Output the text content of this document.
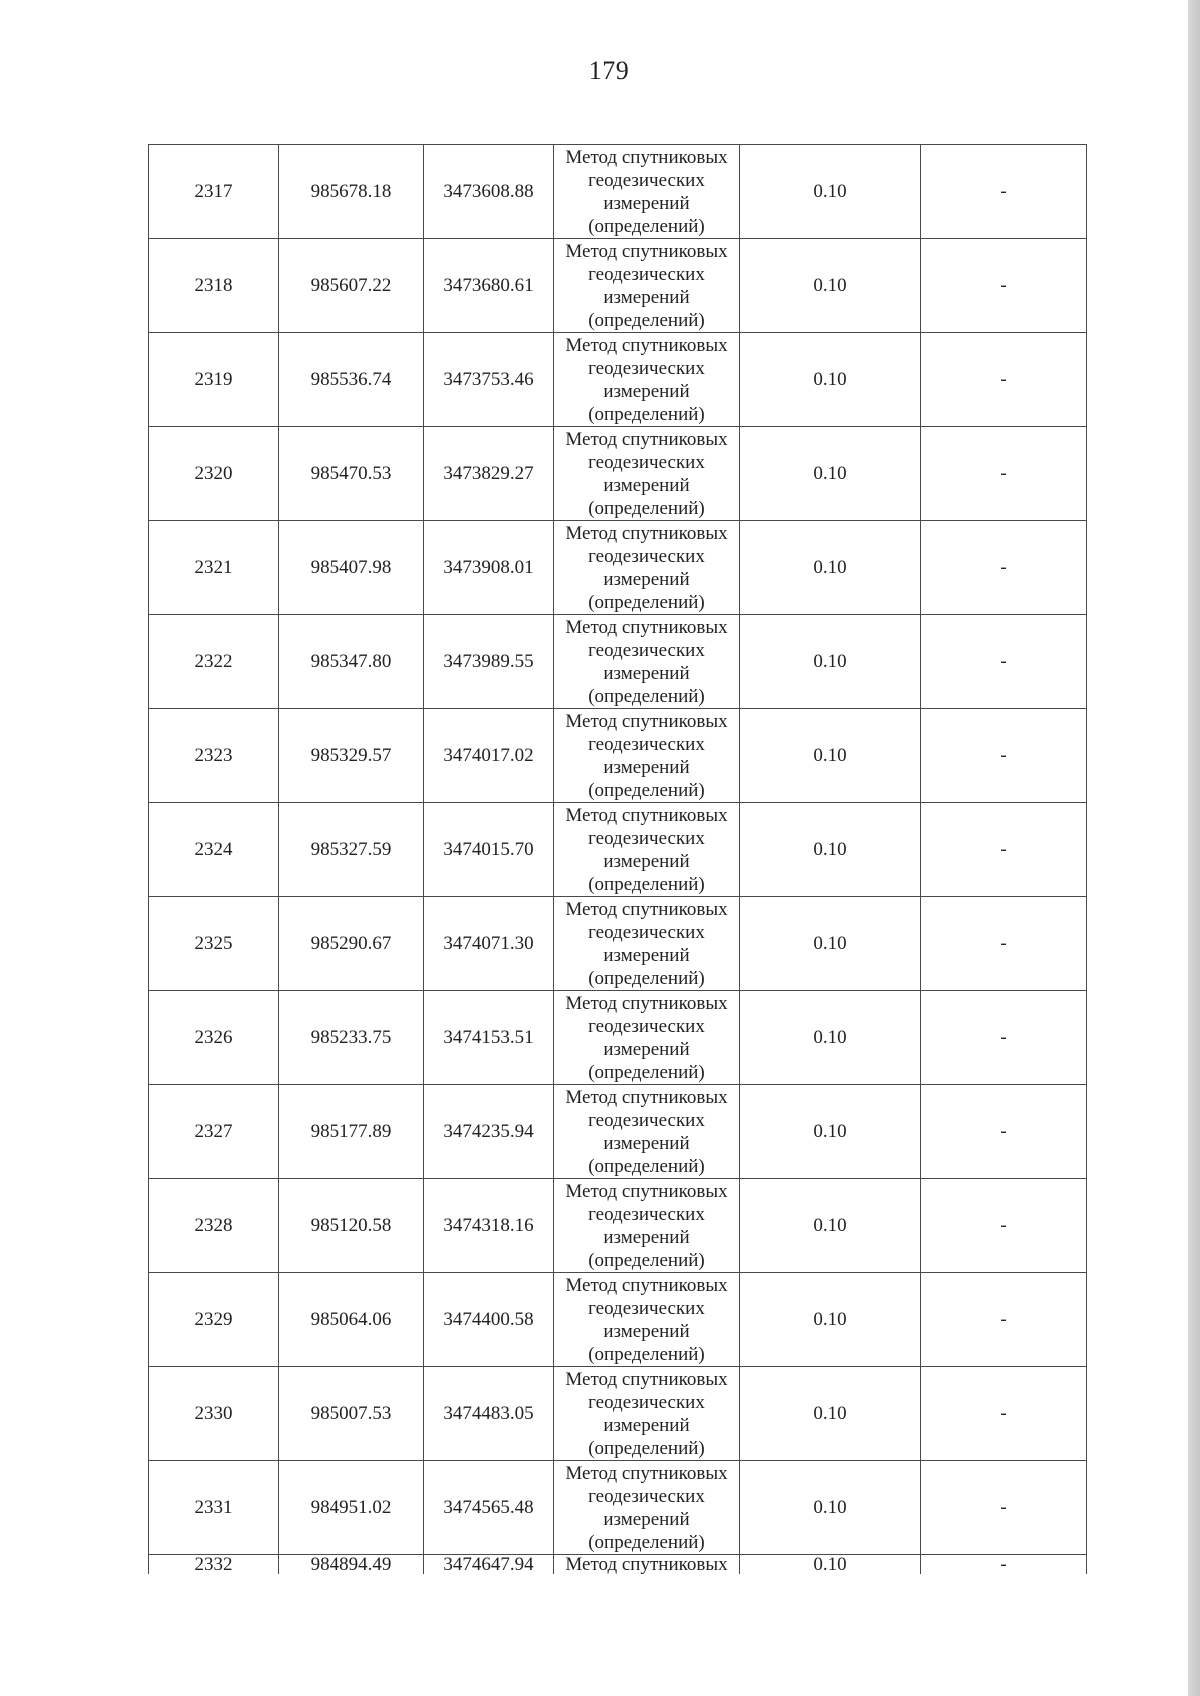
179
2317	985678.18	3473608.88	Метод спутниковых
геодезических
измерений
(определений)	0.10	-
2318	985607.22	3473680.61	Метод спутниковых
геодезических
измерений
(определений)	0.10	-
2319	985536.74	3473753.46	Метод спутниковых
геодезических
измерений
(определений)	0.10	-
2320	985470.53	3473829.27	Метод спутниковых
геодезических
измерений
(определений)	0.10	-
2321	985407.98	3473908.01	Метод спутниковых
геодезических
измерений
(определений)	0.10	-
2322	985347.80	3473989.55	Метод спутниковых
геодезических
измерений
(определений)	0.10	-
2323	985329.57	3474017.02	Метод спутниковых
геодезических
измерений
(определений)	0.10	-
2324	985327.59	3474015.70	Метод спутниковых
геодезических
измерений
(определений)	0.10	-
2325	985290.67	3474071.30	Метод спутниковых
геодезических
измерений
(определений)	0.10	-
2326	985233.75	3474153.51	Метод спутниковых
геодезических
измерений
(определений)	0.10	-
2327	985177.89	3474235.94	Метод спутниковых
геодезических
измерений
(определений)	0.10	-
2328	985120.58	3474318.16	Метод спутниковых
геодезических
измерений
(определений)	0.10	-
2329	985064.06	3474400.58	Метод спутниковых
геодезических
измерений
(определений)	0.10	-
2330	985007.53	3474483.05	Метод спутниковых
геодезических
измерений
(определений)	0.10	-
2331	984951.02	3474565.48	Метод спутниковых
геодезических
измерений
(определений)	0.10	-
2332	984894.49	3474647.94	Метод спутниковых	0.10	-
